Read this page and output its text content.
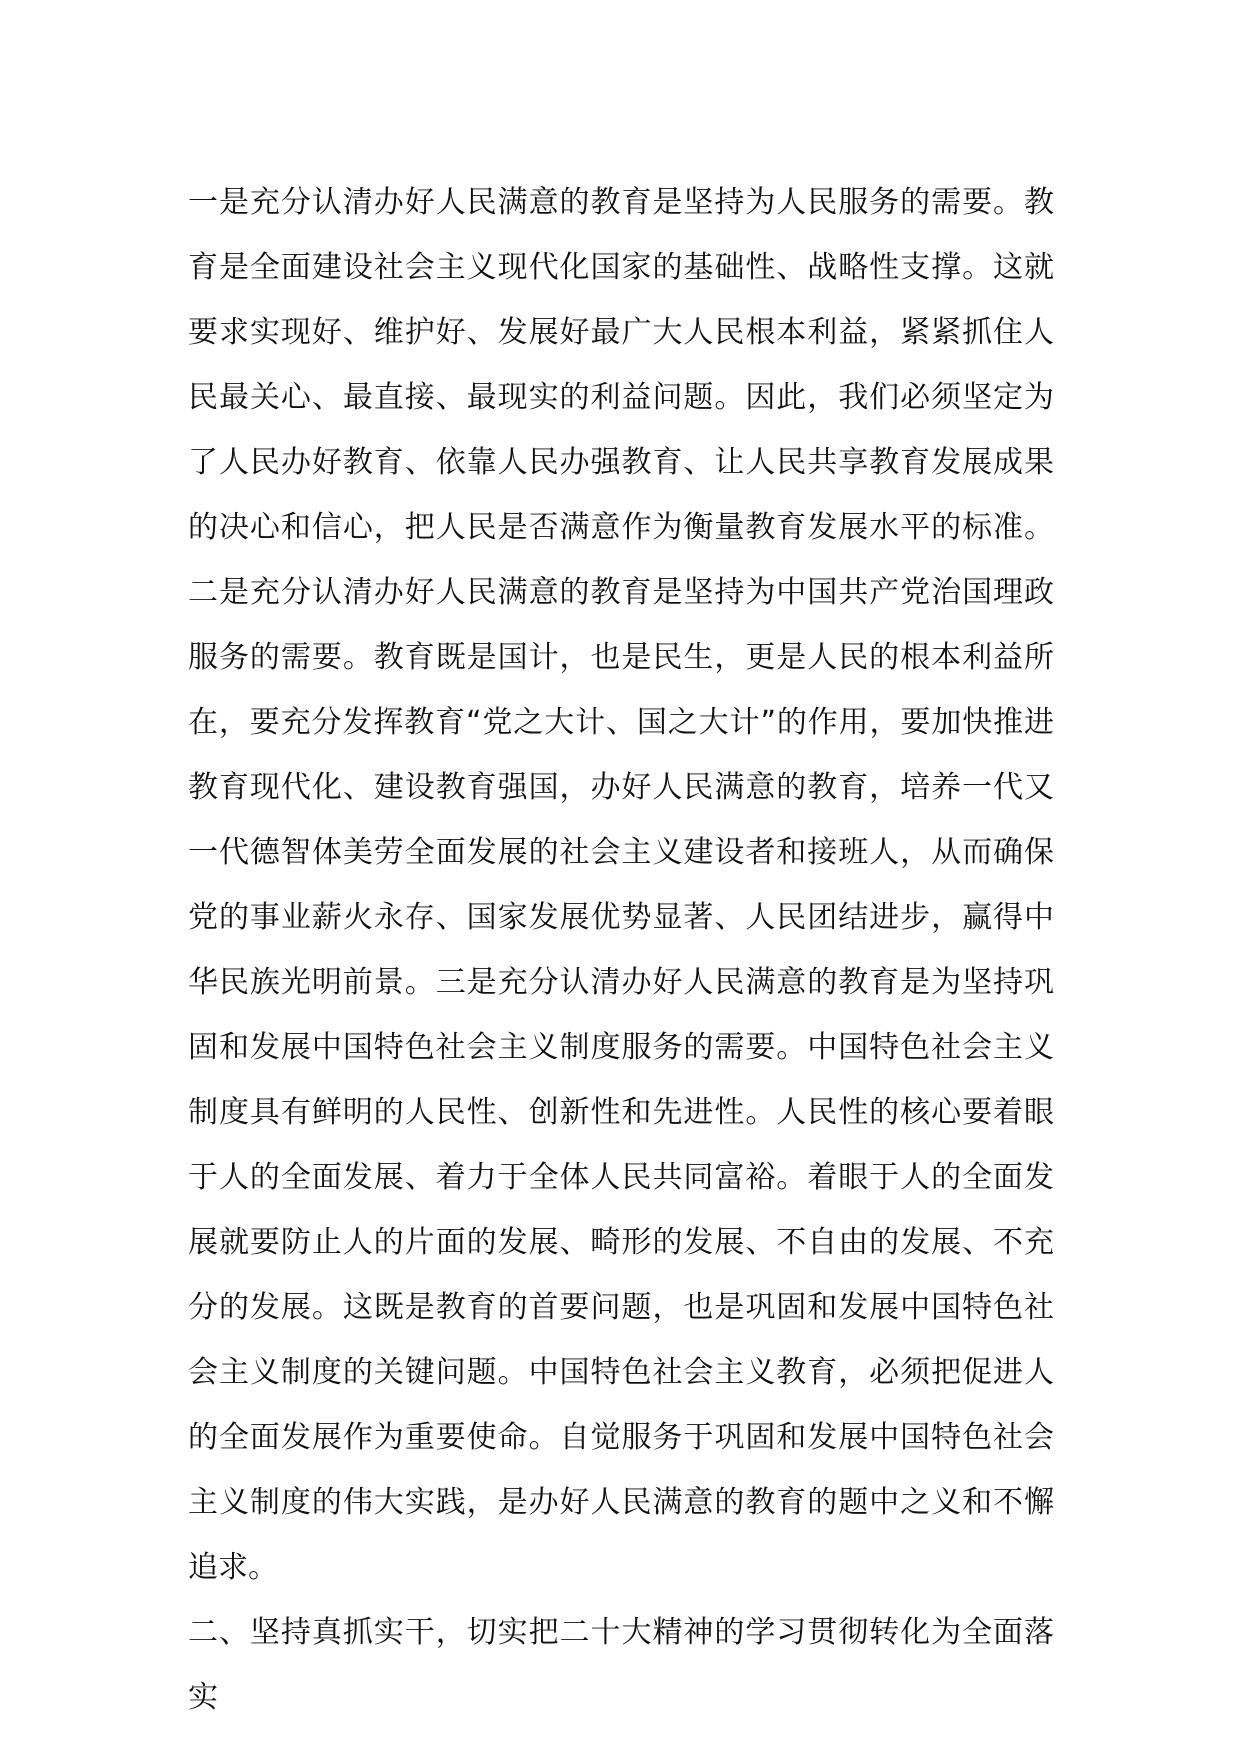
一是充分认清办好人民满意的教育是坚持为人民服务的需要。教育是全面建设社会主义现代化国家的基础性、战略性支撑。这就要求实现好、维护好、发展好最广大人民根本利益，紧紧抓住人民最关心、最直接、最现实的利益问题。因此，我们必须坚定为了人民办好教育、依靠人民办强教育、让人民共享教育发展成果的决心和信心，把人民是否满意作为衡量教育发展水平的标准。二是充分认清办好人民满意的教育是坚持为中国共产党治国理政服务的需要。教育既是国计，也是民生，更是人民的根本利益所在，要充分发挥教育“党之大计、国之大计”的作用，要加快推进教育现代化、建设教育强国，办好人民满意的教育，培养一代又一代德智体美劳全面发展的社会主义建设者和接班人，从而确保党的事业薪火永存、国家发展优势显著、人民团结进步，赢得中华民族光明前景。三是充分认清办好人民满意的教育是为坚持巩固和发展中国特色社会主义制度服务的需要。中国特色社会主义制度具有鲜明的人民性、创新性和先进性。人民性的核心要着眼于人的全面发展、着力于全体人民共同富裕。着眼于人的全面发展就要防止人的片面的发展、畸形的发展、不自由的发展、不充分的发展。这既是教育的首要问题，也是巩固和发展中国特色社会主义制度的关键问题。中国特色社会主义教育，必须把促进人的全面发展作为重要使命。自觉服务于巩固和发展中国特色社会主义制度的伟大实践，是办好人民满意的教育的题中之义和不懈追求。

二、坚持真抓实干，切实把二十大精神的学习贯彻转化为全面落实
